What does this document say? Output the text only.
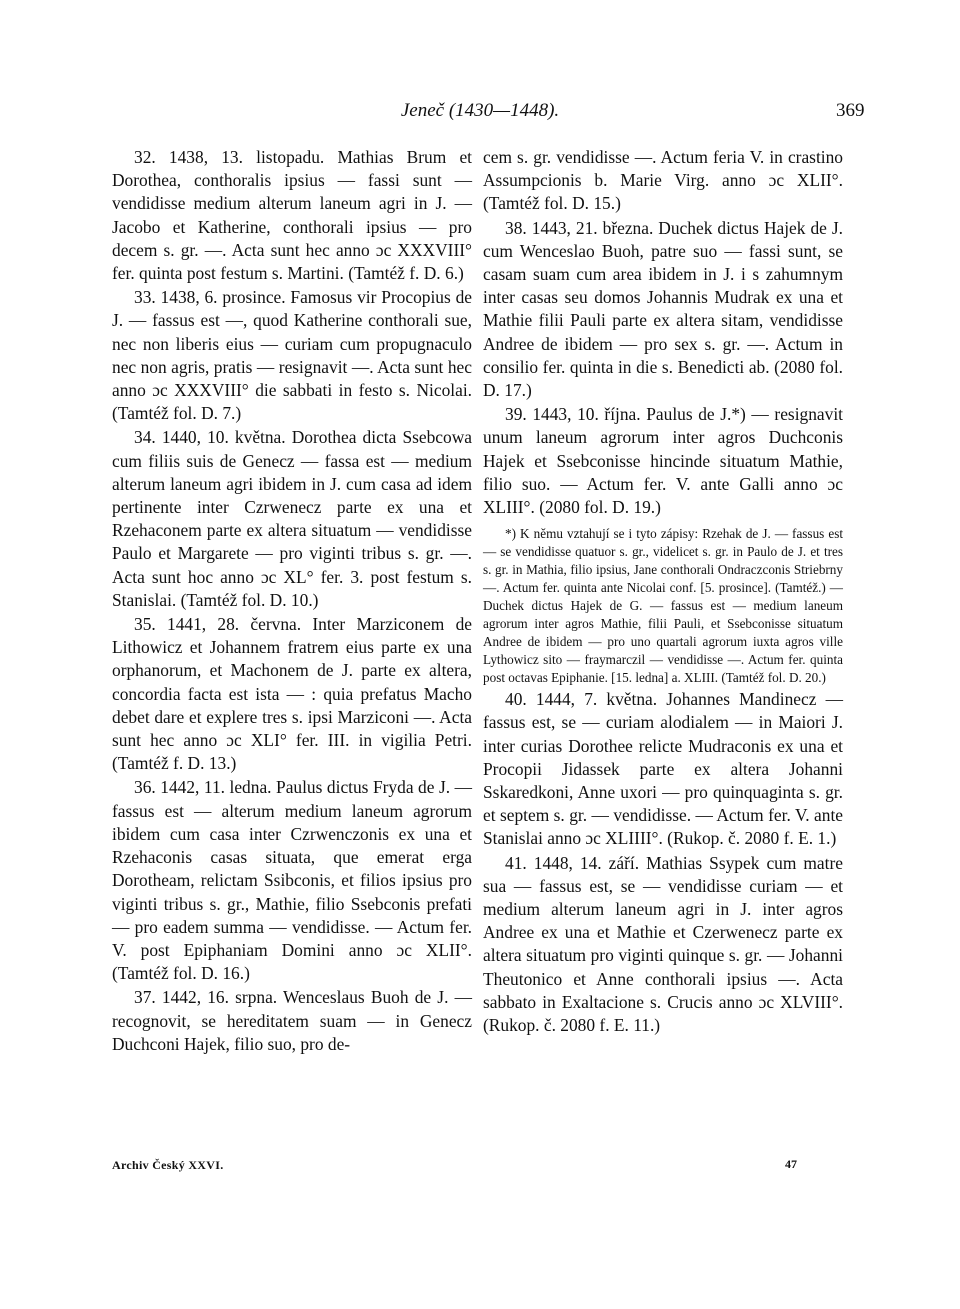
Jeneč (1430—1448).	369

32. 1438, 13. listopadu. Mathias Brum et Dorothea, conthoralis ipsius — fassi sunt — vendidisse medium alterum laneum agri in J. — Jacobo et Katherine, conthorali ipsius — pro decem s. gr. —. Acta sunt hec anno ɔc XXXVIII° fer. quinta post festum s. Martini. (Tamtéž f. D. 6.)

33. 1438, 6. prosince. Famosus vir Procopius de J. — fassus est —, quod Katherine conthorali sue, nec non liberis eius — curiam cum propugnaculo nec non agris, pratis — resignavit —. Acta sunt hec anno ɔc XXXVIII° die sabbati in festo s. Nicolai. (Tamtéž fol. D. 7.)

34. 1440, 10. května. Dorothea dicta Ssebcowa cum filiis suis de Genecz — fassa est — medium alterum laneum agri ibidem in J. cum casa ad idem pertinente inter Czrwenecz parte ex una et Rzehaconem parte ex altera situatum — vendidisse Paulo et Margarete — pro viginti tribus s. gr. —. Acta sunt hoc anno ɔc XL° fer. 3. post festum s. Stanislai. (Tamtéž fol. D. 10.)

35. 1441, 28. června. Inter Marziconem de Lithowicz et Johannem fratrem eius parte ex una orphanorum, et Machonem de J. parte ex altera, concordia facta est ista — : quia prefatus Macho debet dare et explere tres s. ipsi Marziconi —. Acta sunt hec anno ɔc XLI° fer. III. in vigilia Petri. (Tamtéž f. D. 13.)

36. 1442, 11. ledna. Paulus dictus Fryda de J. — fassus est — alterum medium laneum agrorum ibidem cum casa inter Czrwenczonis ex una et Rzehaconis casas situata, que emerat erga Dorotheam, relictam Ssibconis, et filios ipsius pro viginti tribus s. gr., Mathie, filio Ssebconis prefati — pro eadem summa — vendidisse. — Actum fer. V. post Epiphaniam Domini anno ɔc XLII°. (Tamtéž fol. D. 16.)

37. 1442, 16. srpna. Wenceslaus Buoh de J. — recognovit, se hereditatem suam — in Genecz Duchconi Hajek, filio suo, pro de-

cem s. gr. vendidisse —. Actum feria V. in crastino Assumpcionis b. Marie Virg. anno ɔc XLII°. (Tamtéž fol. D. 15.)

38. 1443, 21. března. Duchek dictus Hajek de J. cum Wenceslao Buoh, patre suo — fassi sunt, se casam suam cum area ibidem in J. i s zahumnym inter casas seu domos Johannis Mudrak ex una et Mathie filii Pauli parte ex altera sitam, vendidisse Andree de ibidem — pro sex s. gr. —. Actum in consilio fer. quinta in die s. Benedicti ab. (2080 fol. D. 17.)

39. 1443, 10. října. Paulus de J.*) — resignavit unum laneum agrorum inter agros Duchconis Hajek et Ssebconisse hincinde situatum Mathie, filio suo. — Actum fer. V. ante Galli anno ɔc XLIII°. (2080 fol. D. 19.)

*) K němu vztahují se i tyto zápisy: Rzehak de J. — fassus est — se vendidisse quatuor s. gr., videlicet s. gr. in Paulo de J. et tres s. gr. in Mathia, filio ipsius, Jane conthorali Ondraczconis Striebrny —. Actum fer. quinta ante Nicolai conf. [5. prosince]. (Tamtéž.) — Duchek dictus Hajek de G. — fassus est — medium laneum agrorum inter agros Mathie, filii Pauli, et Ssebconisse situatum Andree de ibidem — pro uno quartali agrorum iuxta agros ville Lythowicz sito — fraymarczil — vendidisse —. Actum fer. quinta post octavas Epiphanie. [15. ledna] a. XLIII. (Tamtéž fol. D. 20.)

40. 1444, 7. května. Johannes Mandinecz — fassus est, se — curiam alodialem — in Maiori J. inter curias Dorothee relicte Mudraconis ex una et Procopii Jidassek parte ex altera Johanni Sskaredkoni, Anne uxori — pro quinquaginta s. gr. et septem s. gr. — vendidisse. — Actum fer. V. ante Stanislai anno ɔc XLIIII°. (Rukop. č. 2080 f. E. 1.)

41. 1448, 14. září. Mathias Ssypek cum matre sua — fassus est, se — vendidisse curiam — et medium alterum laneum agri in J. inter agros Andree ex una et Mathie et Czerwenecz parte ex altera situatum pro viginti quinque s. gr. — Johanni Theutonico et Anne conthorali ipsius —. Acta sabbato in Exaltacione s. Crucis anno ɔc XLVIII°. (Rukop. č. 2080 f. E. 11.)

Archiv Český XXVI.	47
